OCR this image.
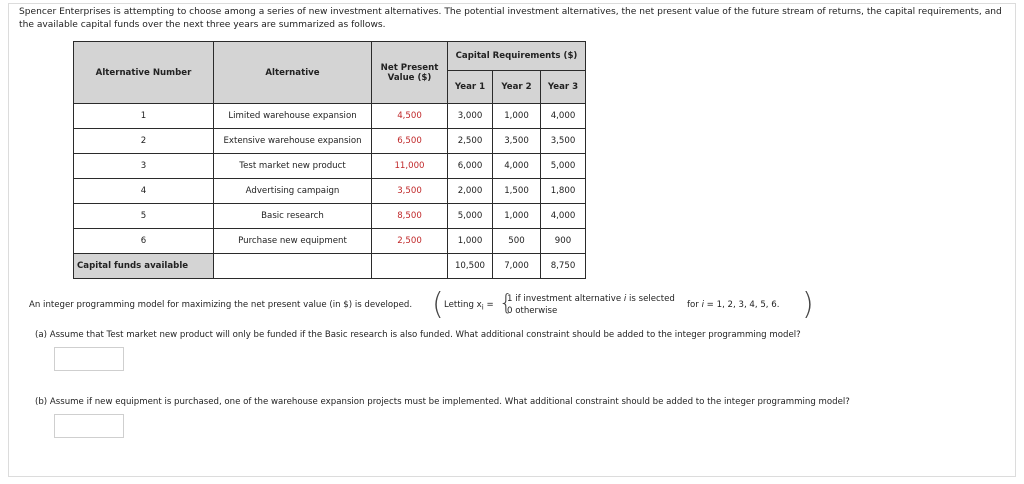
Spencer Enterprises is attempting to choose among a series of new investment alternatives. The potential investment alternatives, the net present value of the future stream of returns, the capital requirements, and the available capital funds over the next three years are summarized as follows.
Alternative Number	Alternative	Net Present Value ($)	Capital Requirements ($)		
			Year 1	Year 2	Year 3
1	Limited warehouse expansion	4,500	3,000	1,000	4,000
2	Extensive warehouse expansion	6,500	2,500	3,500	3,500
3	Test market new product	11,000	6,000	4,000	5,000
4	Advertising campaign	3,500	2,000	1,500	1,800
5	Basic research	8,500	5,000	1,000	4,000
6	Purchase new equipment	2,500	1,000	500	900
Capital funds available			10,500	7,000	8,750
An integer programming model for maximizing the net present value (in $) is developed. ( Letting $x_i$ = {
1 if investment alternative i is selected
0 otherwise
for i = 1, 2, 3, 4, 5, 6. )
(a) Assume that Test market new product will only be funded if the Basic research is also funded. What additional constraint should be added to the integer programming model?
(b) Assume if new equipment is purchased, one of the warehouse expansion projects must be implemented. What additional constraint should be added to the integer programming model?
